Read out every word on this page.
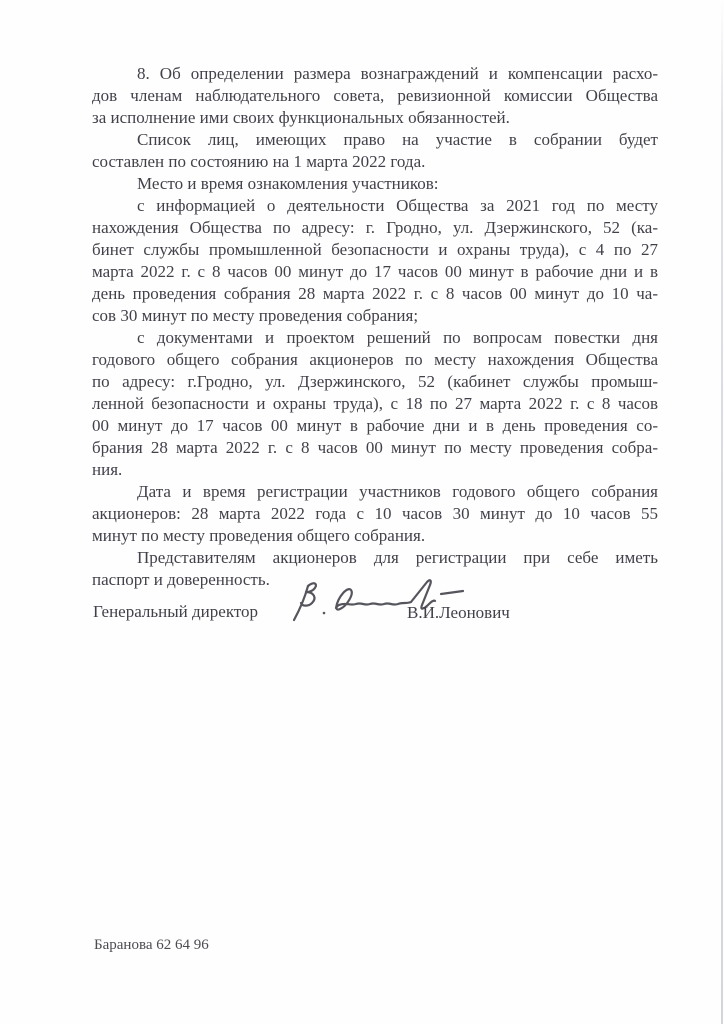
8. Об определении размера вознаграждений и компенсации расхо-
дов членам наблюдательного совета, ревизионной комиссии Общества
за исполнение ими своих функциональных обязанностей.
Список лиц, имеющих право на участие в собрании будет
составлен по состоянию на 1 марта 2022 года.
Место и время ознакомления участников:
с информацией о деятельности Общества за 2021 год по месту
нахождения Общества по адресу: г. Гродно, ул. Дзержинского, 52 (ка-
бинет службы промышленной безопасности и охраны труда), с 4 по 27
марта 2022 г. с 8 часов 00 минут до 17 часов 00 минут в рабочие дни и в
день проведения собрания 28 марта 2022 г. с 8 часов 00 минут до 10 ча-
сов 30 минут по месту проведения собрания;
с документами и проектом решений по вопросам повестки дня
годового общего собрания акционеров по месту нахождения Общества
по адресу: г.Гродно, ул. Дзержинского, 52 (кабинет службы промыш-
ленной безопасности и охраны труда), с 18 по 27 марта 2022 г. с 8 часов
00 минут до 17 часов 00 минут в рабочие дни и в день проведения со-
брания 28 марта 2022 г. с 8 часов 00 минут по месту проведения собра-
ния.
Дата и время регистрации участников годового общего собрания
акционеров: 28 марта 2022 года с 10 часов 30 минут до 10 часов 55
минут по месту проведения общего собрания.
Представителям акционеров для регистрации при себе иметь
паспорт и доверенность.
Генеральный директор	В.И.Леонович
Баранова 62 64 96
